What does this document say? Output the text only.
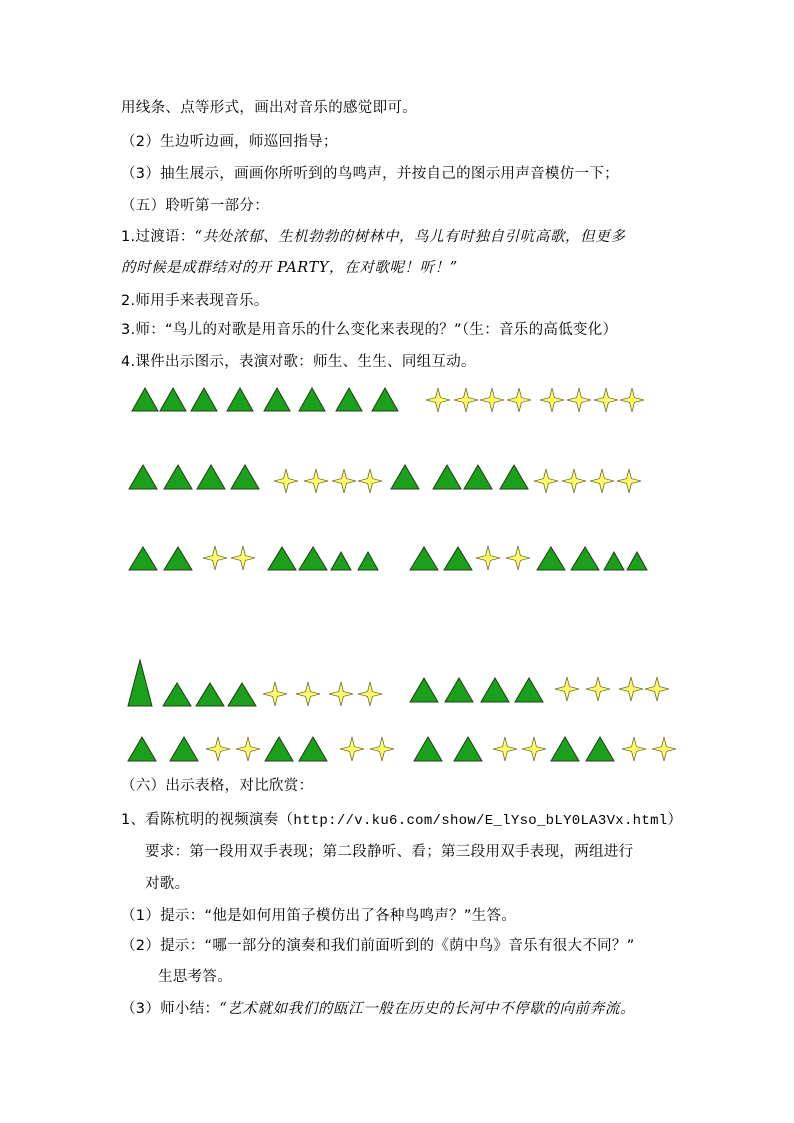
用线条、点等形式，画出对音乐的感觉即可。
（2）生边听边画，师巡回指导；
（3）抽生展示，画画你所听到的鸟鸣声，并按自己的图示用声音模仿一下；
（五）聆听第一部分：
1.过渡语：“共处浓郁、生机勃勃的树林中，鸟儿有时独自引吭高歌，但更多
的时候是成群结对的开 PARTY，在对歌呢！听！”
2.师用手来表现音乐。
3.师：“鸟儿的对歌是用音乐的什么变化来表现的？”（生：音乐的高低变化）
4.课件出示图示，表演对歌：师生、生生、同组互动。
（六）出示表格，对比欣赏：
1、看陈杭明的视频演奏（http://v.ku6.com/show/E_lYso_bLY0LA3Vx.html）
要求：第一段用双手表现；第二段静听、看；第三段用双手表现，两组进行
对歌。
（1）提示：“他是如何用笛子模仿出了各种鸟鸣声？”生答。
（2）提示：“哪一部分的演奏和我们前面听到的《荫中鸟》音乐有很大不同？”
生思考答。
（3）师小结：“艺术就如我们的瓯江一般在历史的长河中不停歇的向前奔流。
